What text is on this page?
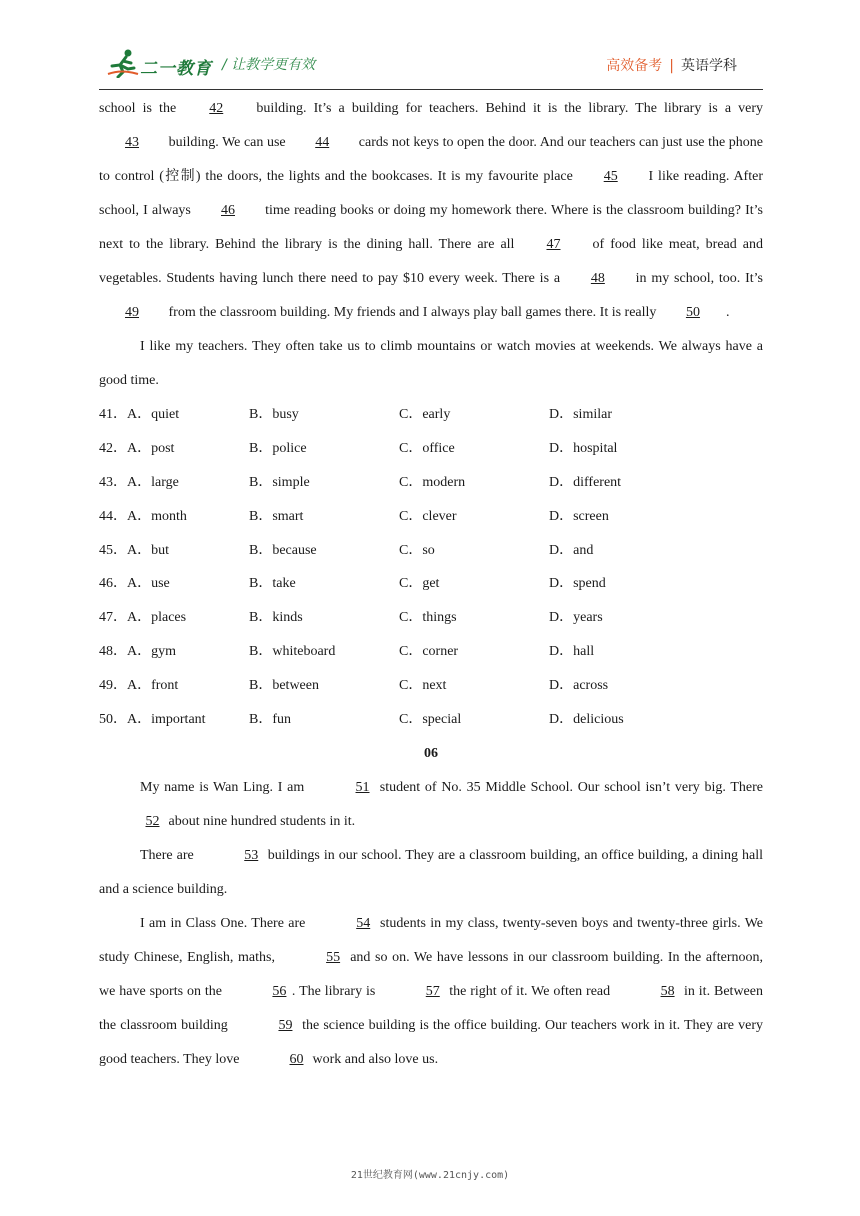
二一教育 / 让教学更有效	高效备考 | 英语学科

school is the 42 building. It’s a building for teachers. Behind it is the library. The library is a very 43 building. We can use 44 cards not keys to open the door. And our teachers can just use the phone to control (控制) the doors, the lights and the bookcases. It is my favourite place 45 I like reading. After school, I always 46 time reading books or doing my homework there. Where is the classroom building? It’s next to the library. Behind the library is the dining hall. There are all 47 of food like meat, bread and vegetables. Students having lunch there need to pay $10 every week. There is a 48 in my school, too. It’s 49 from the classroom building. My friends and I always play ball games there. It is really 50 .

I like my teachers. They often take us to climb mountains or watch movies at weekends. We always have a good time.

41．A．quiet	B．busy	C．early	D．similar
42．A．post	B．police	C．office	D．hospital
43．A．large	B．simple	C．modern	D．different
44．A．month	B．smart	C．clever	D．screen
45．A．but	B．because	C．so	D．and
46．A．use	B．take	C．get	D．spend
47．A．places	B．kinds	C．things	D．years
48．A．gym	B．whiteboard	C．corner	D．hall
49．A．front	B．between	C．next	D．across
50．A．important	B．fun	C．special	D．delicious
06

My name is Wan Ling. I am	51 student of No. 35 Middle School. Our school isn’t very big. There 52 about nine hundred students in it.

There are	53 buildings in our school. They are a classroom building, an office building, a dining hall and a science building.

I am in Class One. There are	54 students in my class, twenty-seven boys and twenty-three girls. We study Chinese, English, maths,	55 and so on. We have lessons in our classroom building. In the afternoon, we have sports on the	56 . The library is	57 the right of it. We often read	58 in it. Between the classroom building	59 the science building is the office building. Our teachers work in it. They are very good teachers. They love	60 work and also love us.

21世纪教育网(www.21cnjy.com)
